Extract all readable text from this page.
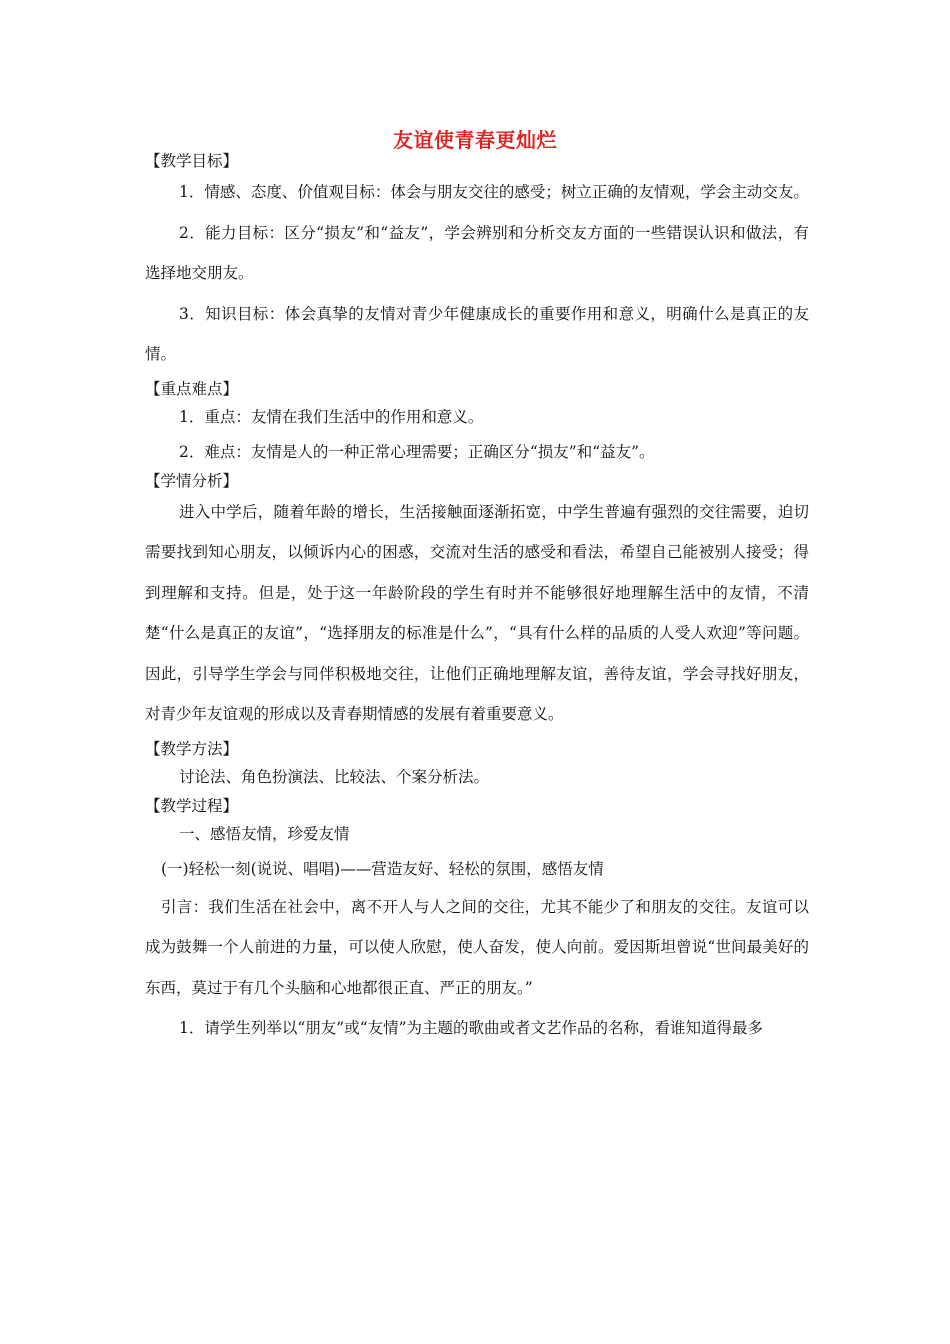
友谊使青春更灿烂
【教学目标】

1．情感、态度、价值观目标：体会与朋友交往的感受；树立正确的友情观，学会主动交友。

2．能力目标：区分“损友”和“益友”，学会辨别和分析交友方面的一些错误认识和做法，有选择地交朋友。

3．知识目标：体会真挚的友情对青少年健康成长的重要作用和意义，明确什么是真正的友情。

【重点难点】

1．重点：友情在我们生活中的作用和意义。

2．难点：友情是人的一种正常心理需要；正确区分“损友”和“益友”。

【学情分析】

进入中学后，随着年龄的增长，生活接触面逐渐拓宽，中学生普遍有强烈的交往需要，迫切需要找到知心朋友，以倾诉内心的困惑，交流对生活的感受和看法，希望自己能被别人接受；得到理解和支持。但是，处于这一年龄阶段的学生有时并不能够很好地理解生活中的友情，不清楚“什么是真正的友谊”，“选择朋友的标准是什么”，“具有什么样的品质的人受人欢迎”等问题。因此，引导学生学会与同伴积极地交往，让他们正确地理解友谊，善待友谊，学会寻找好朋友，对青少年友谊观的形成以及青春期情感的发展有着重要意义。

【教学方法】

讨论法、角色扮演法、比较法、个案分析法。

【教学过程】

一、感悟友情，珍爱友情

(一)轻松一刻(说说、唱唱)——营造友好、轻松的氛围，感悟友情

引言：我们生活在社会中，离不开人与人之间的交往，尤其不能少了和朋友的交往。友谊可以成为鼓舞一个人前进的力量，可以使人欣慰，使人奋发，使人向前。爱因斯坦曾说“世间最美好的东西，莫过于有几个头脑和心地都很正直、严正的朋友。”

1．请学生列举以“朋友”或“友情”为主题的歌曲或者文艺作品的名称，看谁知道得最多
